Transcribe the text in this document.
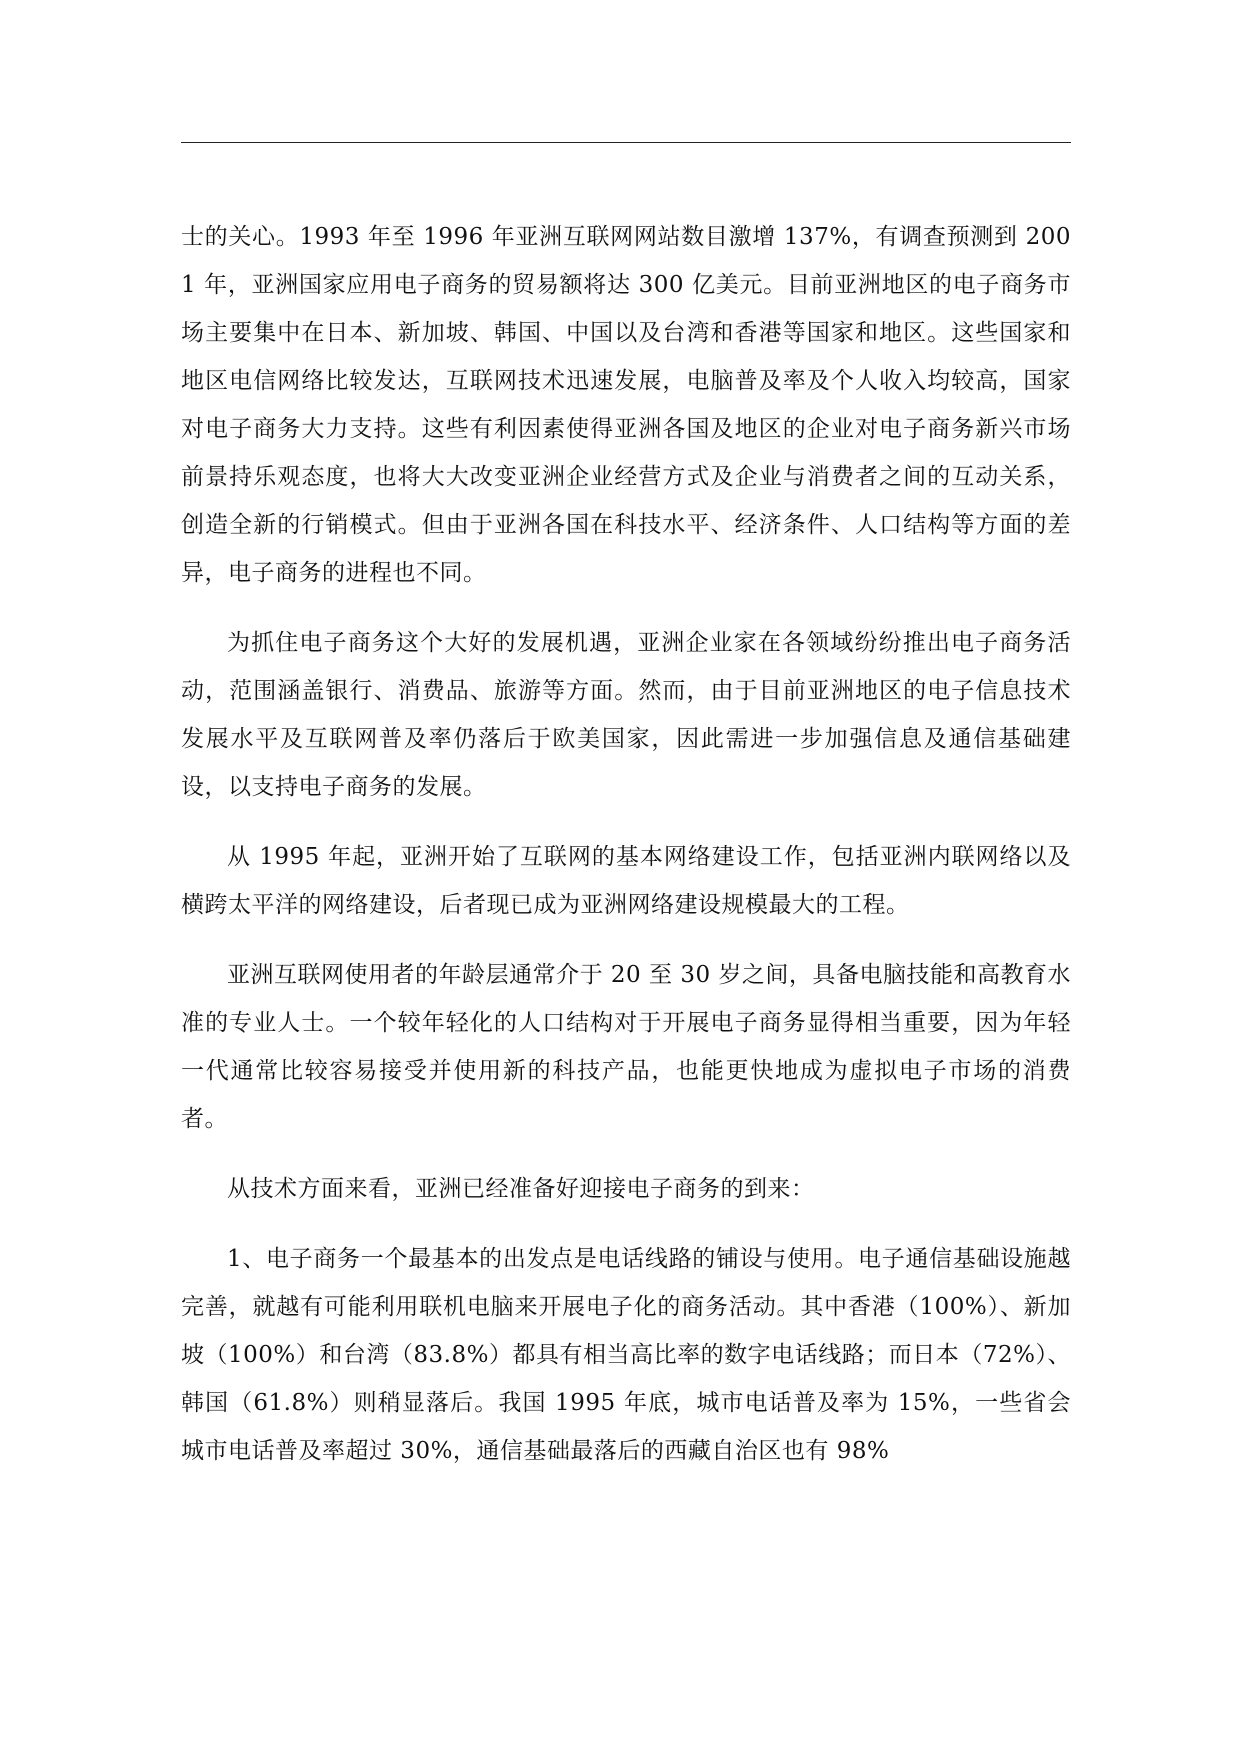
士的关心。1993 年至 1996 年亚洲互联网网站数目激增 137%，有调查预测到 2001 年，亚洲国家应用电子商务的贸易额将达 300 亿美元。目前亚洲地区的电子商务市场主要集中在日本、新加坡、韩国、中国以及台湾和香港等国家和地区。这些国家和地区电信网络比较发达，互联网技术迅速发展，电脑普及率及个人收入均较高，国家对电子商务大力支持。这些有利因素使得亚洲各国及地区的企业对电子商务新兴市场前景持乐观态度，也将大大改变亚洲企业经营方式及企业与消费者之间的互动关系，创造全新的行销模式。但由于亚洲各国在科技水平、经济条件、人口结构等方面的差异，电子商务的进程也不同。

为抓住电子商务这个大好的发展机遇，亚洲企业家在各领域纷纷推出电子商务活动，范围涵盖银行、消费品、旅游等方面。然而，由于目前亚洲地区的电子信息技术发展水平及互联网普及率仍落后于欧美国家，因此需进一步加强信息及通信基础建设，以支持电子商务的发展。

从 1995 年起，亚洲开始了互联网的基本网络建设工作，包括亚洲内联网络以及横跨太平洋的网络建设，后者现已成为亚洲网络建设规模最大的工程。

亚洲互联网使用者的年龄层通常介于 20 至 30 岁之间，具备电脑技能和高教育水准的专业人士。一个较年轻化的人口结构对于开展电子商务显得相当重要，因为年轻一代通常比较容易接受并使用新的科技产品，也能更快地成为虚拟电子市场的消费者。

从技术方面来看，亚洲已经准备好迎接电子商务的到来：

1、电子商务一个最基本的出发点是电话线路的铺设与使用。电子通信基础设施越完善，就越有可能利用联机电脑来开展电子化的商务活动。其中香港（100%）、新加坡（100%）和台湾（83.8%）都具有相当高比率的数字电话线路；而日本（72%）、韩国（61.8%）则稍显落后。我国 1995 年底，城市电话普及率为 15%，一些省会城市电话普及率超过 30%，通信基础最落后的西藏自治区也有 98%
